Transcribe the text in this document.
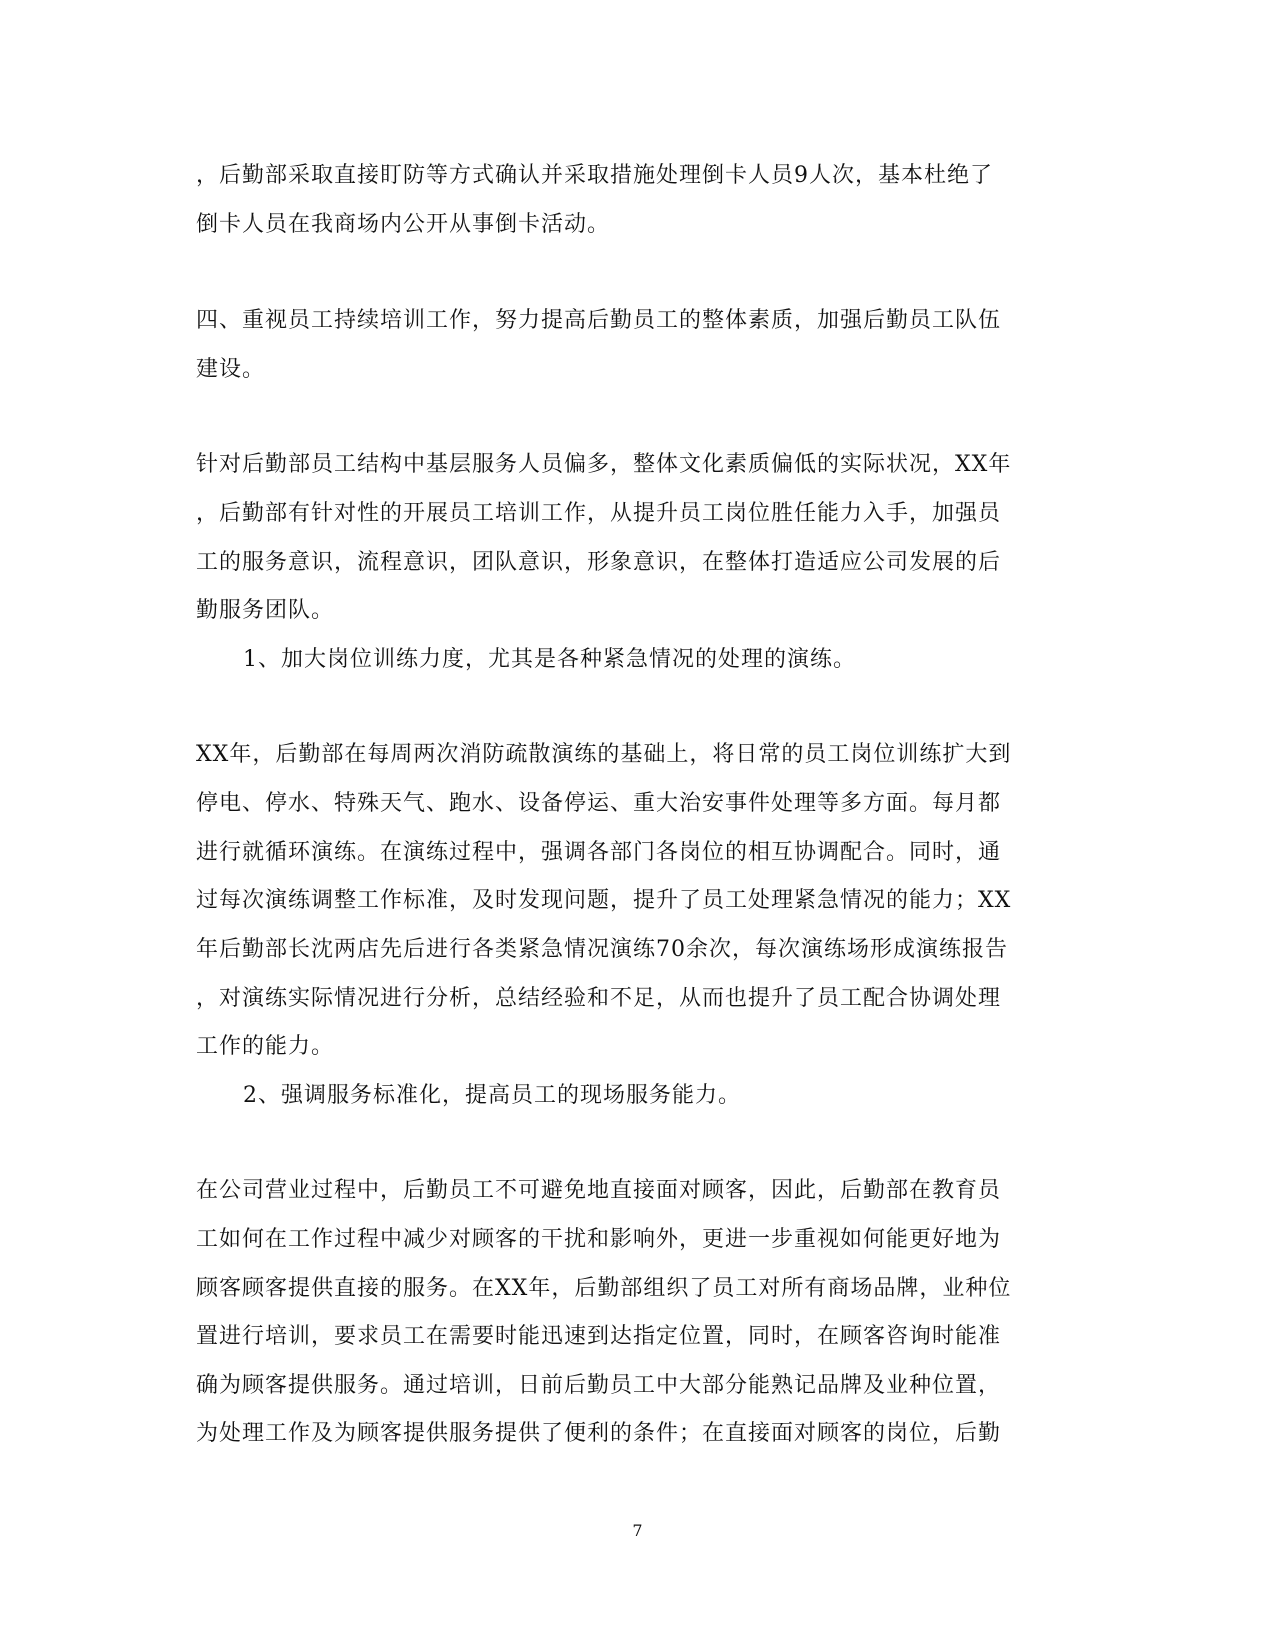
，后勤部采取直接盯防等方式确认并采取措施处理倒卡人员9人次，基本杜绝了
倒卡人员在我商场内公开从事倒卡活动。
四、重视员工持续培训工作，努力提高后勤员工的整体素质，加强后勤员工队伍
建设。
针对后勤部员工结构中基层服务人员偏多，整体文化素质偏低的实际状况，XX年
，后勤部有针对性的开展员工培训工作，从提升员工岗位胜任能力入手，加强员
工的服务意识，流程意识，团队意识，形象意识，在整体打造适应公司发展的后
勤服务团队。
1、加大岗位训练力度，尤其是各种紧急情况的处理的演练。
XX年，后勤部在每周两次消防疏散演练的基础上，将日常的员工岗位训练扩大到
停电、停水、特殊天气、跑水、设备停运、重大治安事件处理等多方面。每月都
进行就循环演练。在演练过程中，强调各部门各岗位的相互协调配合。同时，通
过每次演练调整工作标准，及时发现问题，提升了员工处理紧急情况的能力；XX
年后勤部长沈两店先后进行各类紧急情况演练70余次，每次演练场形成演练报告
，对演练实际情况进行分析，总结经验和不足，从而也提升了员工配合协调处理
工作的能力。
2、强调服务标准化，提高员工的现场服务能力。
在公司营业过程中，后勤员工不可避免地直接面对顾客，因此，后勤部在教育员
工如何在工作过程中减少对顾客的干扰和影响外，更进一步重视如何能更好地为
顾客顾客提供直接的服务。在XX年，后勤部组织了员工对所有商场品牌，业种位
置进行培训，要求员工在需要时能迅速到达指定位置，同时，在顾客咨询时能准
确为顾客提供服务。通过培训，日前后勤员工中大部分能熟记品牌及业种位置，
为处理工作及为顾客提供服务提供了便利的条件；在直接面对顾客的岗位，后勤
7
